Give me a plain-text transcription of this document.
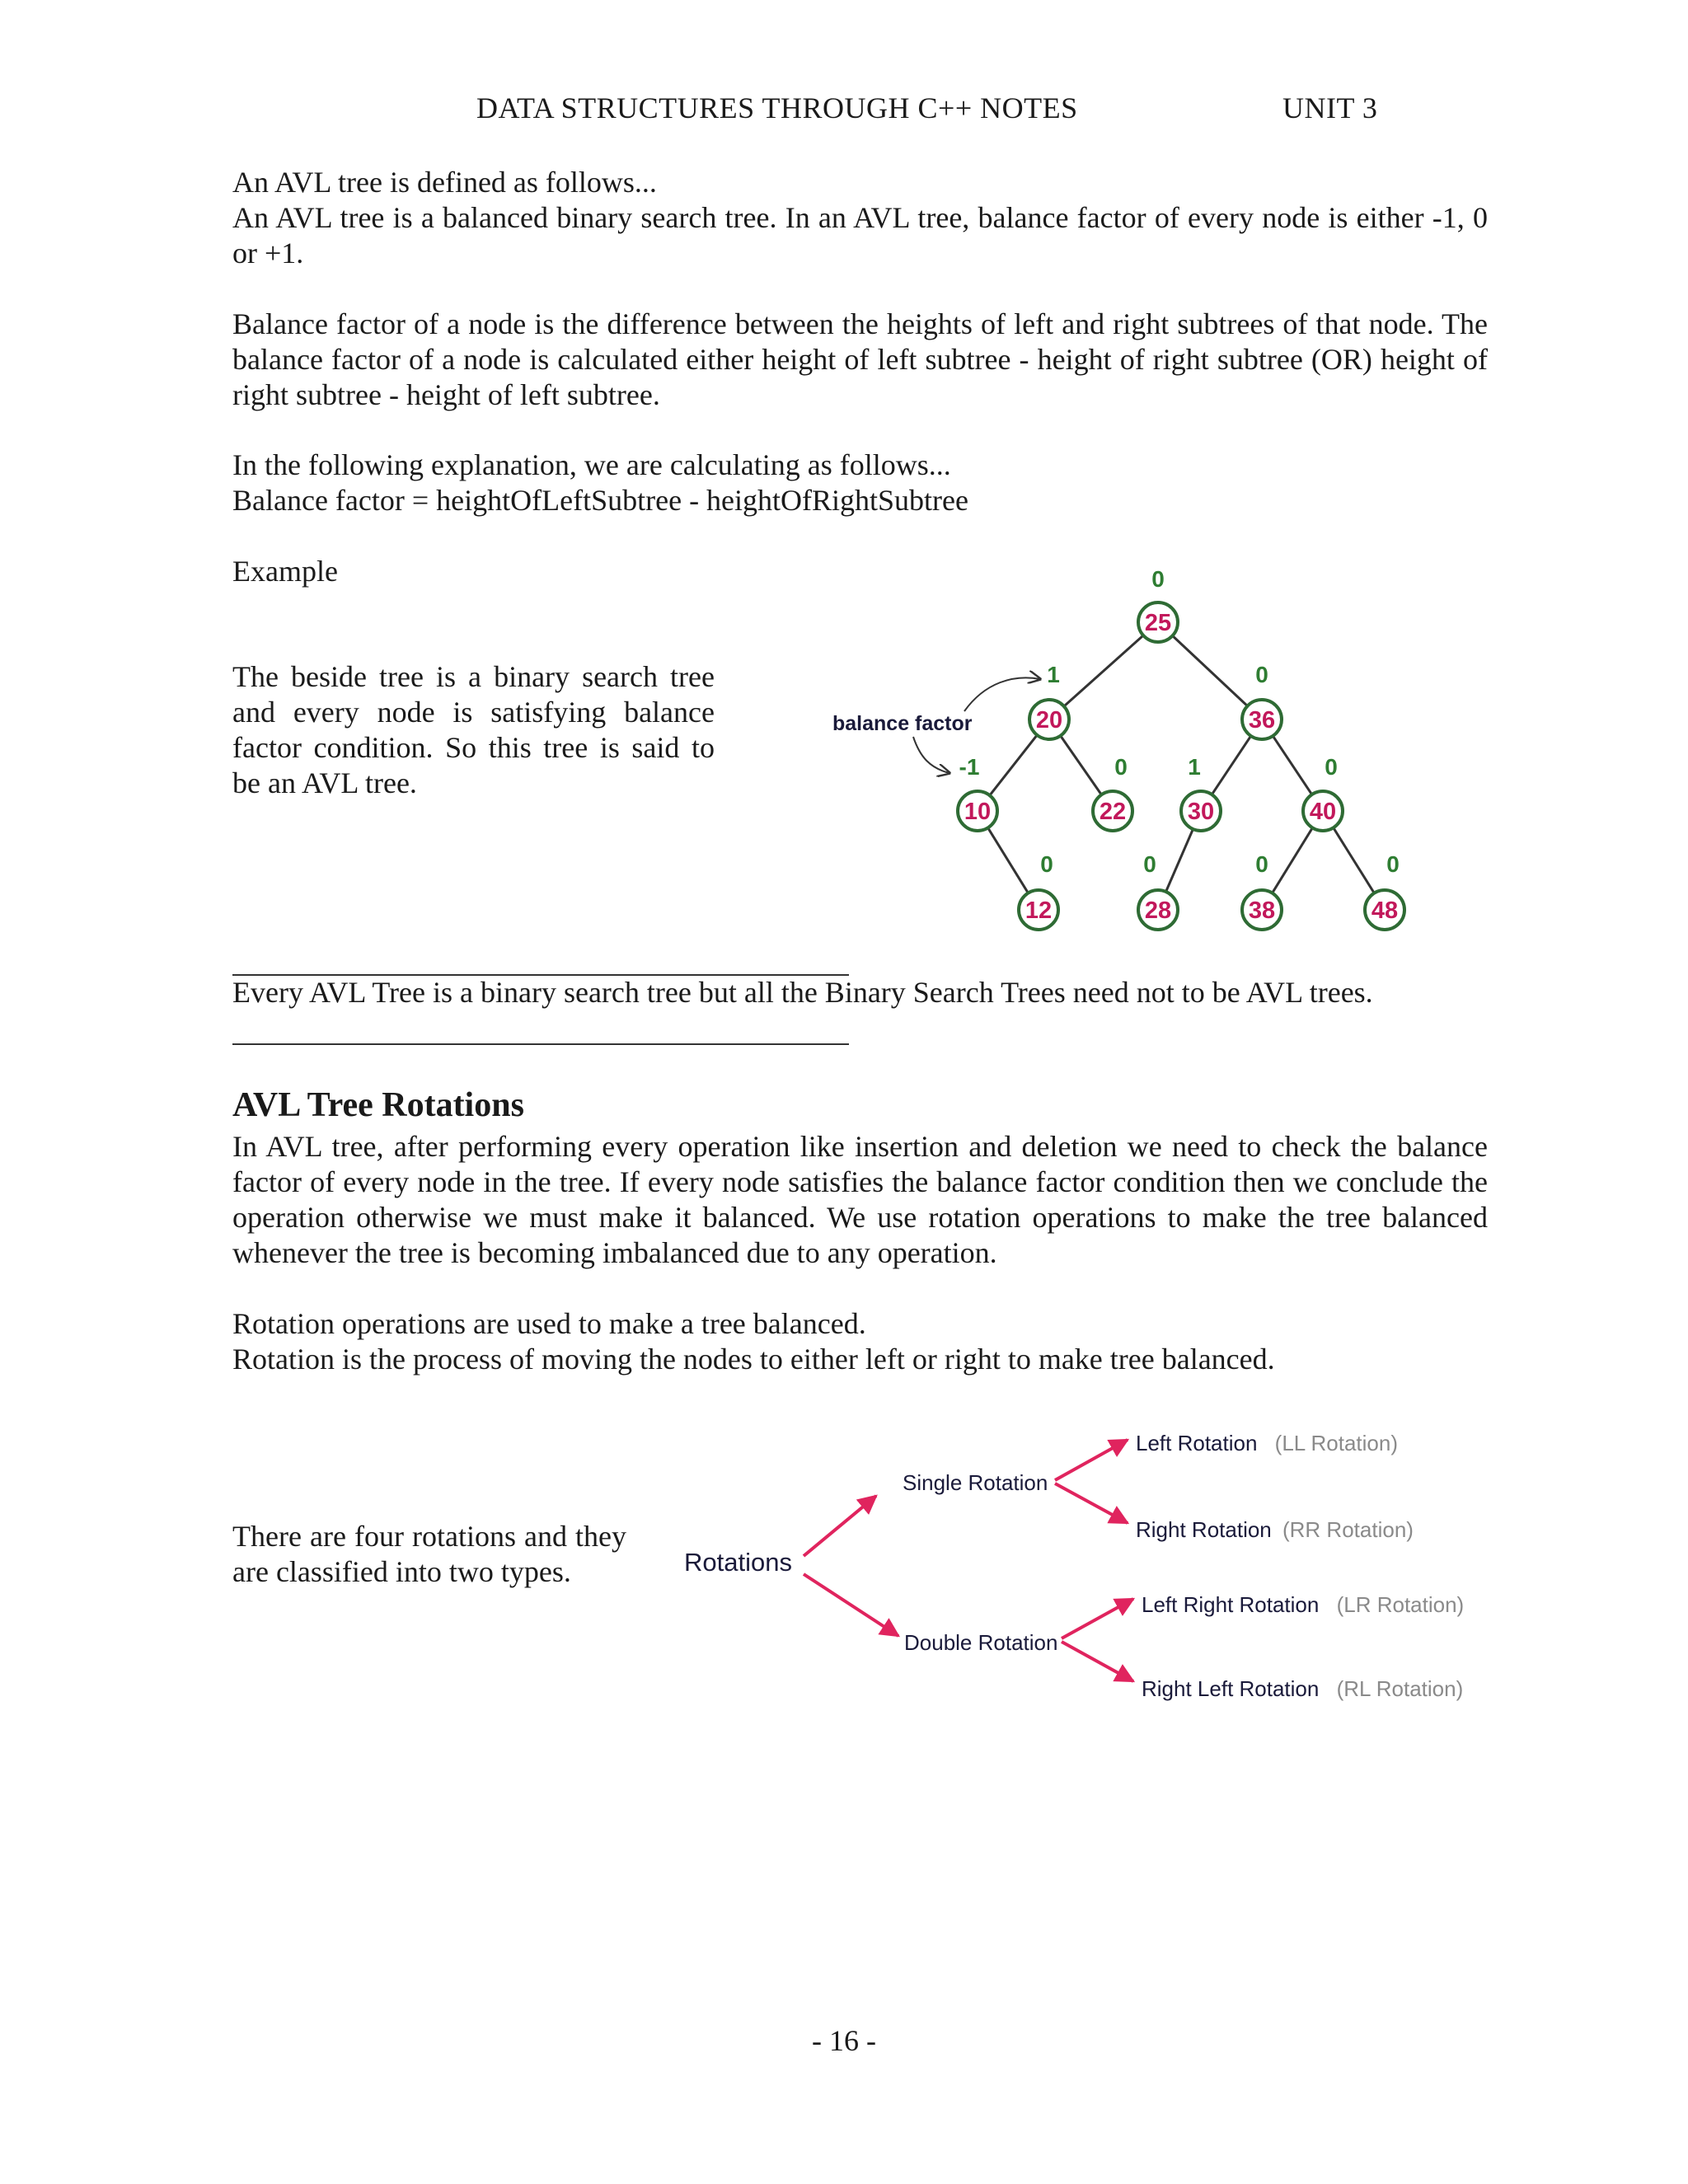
DATA STRUCTURES THROUGH C++ NOTES	UNIT 3

An AVL tree is defined as follows...

An AVL tree is a balanced binary search tree. In an AVL tree, balance factor of every node is either -1, 0 or +1.

Balance factor of a node is the difference between the heights of left and right subtrees of that node. The balance factor of a node is calculated either height of left subtree - height of right subtree (OR) height of right subtree - height of left subtree.

In the following explanation, we are calculating as follows...

Balance factor = heightOfLeftSubtree - heightOfRightSubtree

Example
The beside tree is a binary search tree and every node is satisfying balance factor condition. So this tree is said to be an AVL tree.
25
0
20
1
36
0
10
-1
22
0
30
1
40
0
12
0
28
0
38
0
48
0
balance factor
Every AVL Tree is a binary search tree but all the Binary Search Trees need not to be AVL trees.
AVL Tree Rotations
In AVL tree, after performing every operation like insertion and deletion we need to check the balance factor of every node in the tree. If every node satisfies the balance factor condition then we conclude the operation otherwise we must make it balanced. We use rotation operations to make the tree balanced whenever the tree is becoming imbalanced due to any operation.

Rotation operations are used to make a tree balanced.

Rotation is the process of moving the nodes to either left or right to make tree balanced.

There are four rotations and they are classified into two types.	Rotations
Single Rotation
Double Rotation
Left Rotation (LL Rotation)
Right Rotation (RR Rotation)
Left Right Rotation (LR Rotation)
Right Left Rotation (RL Rotation)
- 16 -
